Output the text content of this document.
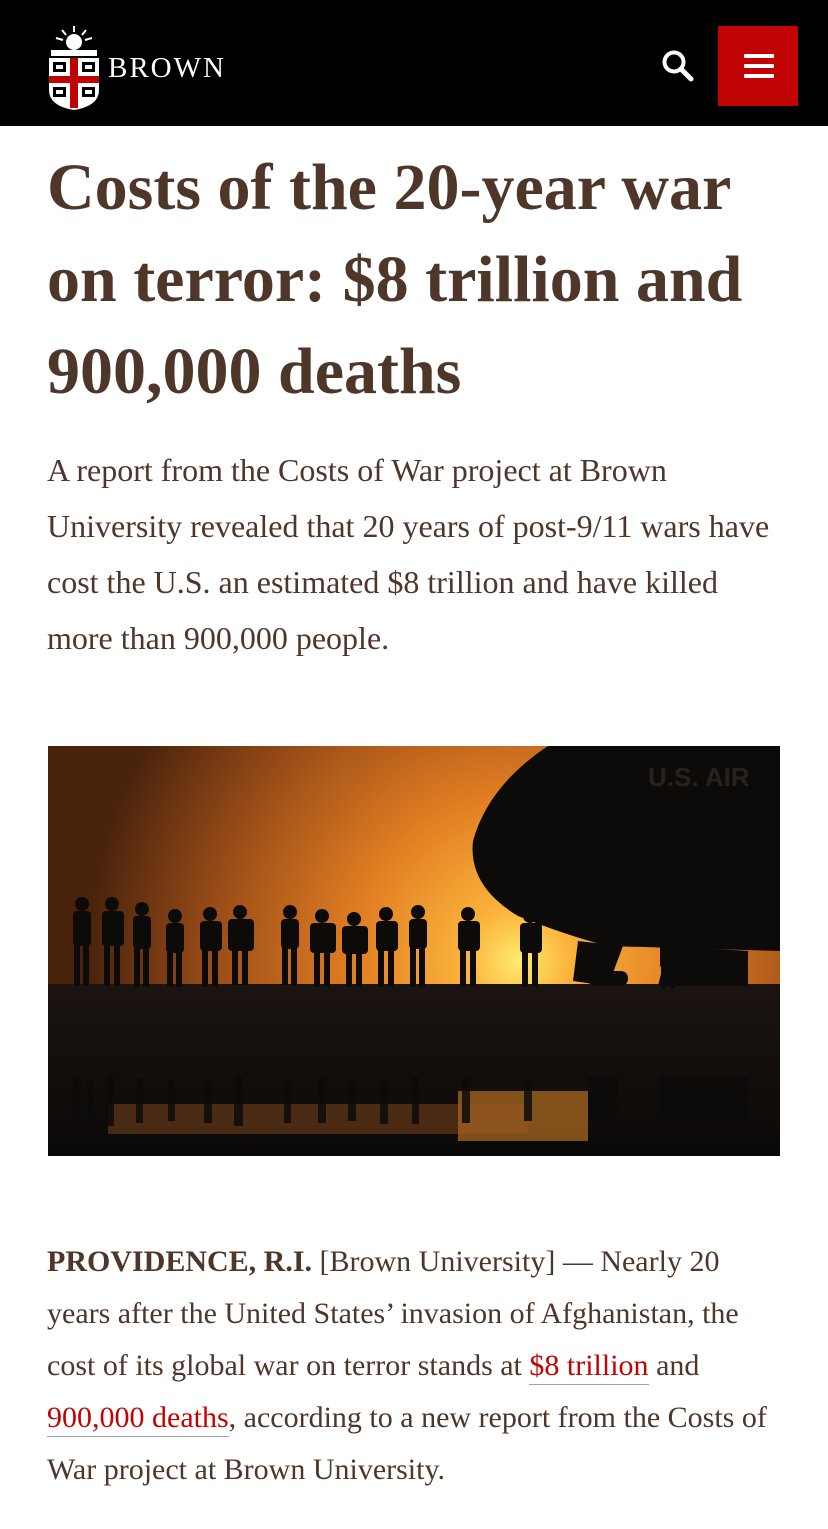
BROWN
Costs of the 20-year war on terror: $8 trillion and 900,000 deaths

A report from the Costs of War project at Brown University revealed that 20 years of post-9/11 wars have cost the U.S. an estimated $8 trillion and have killed more than 900,000 people.

U.S. AIR

PROVIDENCE, R.I. [Brown University] — Nearly 20 years after the United States’ invasion of Afghanistan, the cost of its global war on terror stands at $8 trillion and 900,000 deaths, according to a new report from the Costs of War project at Brown University.
